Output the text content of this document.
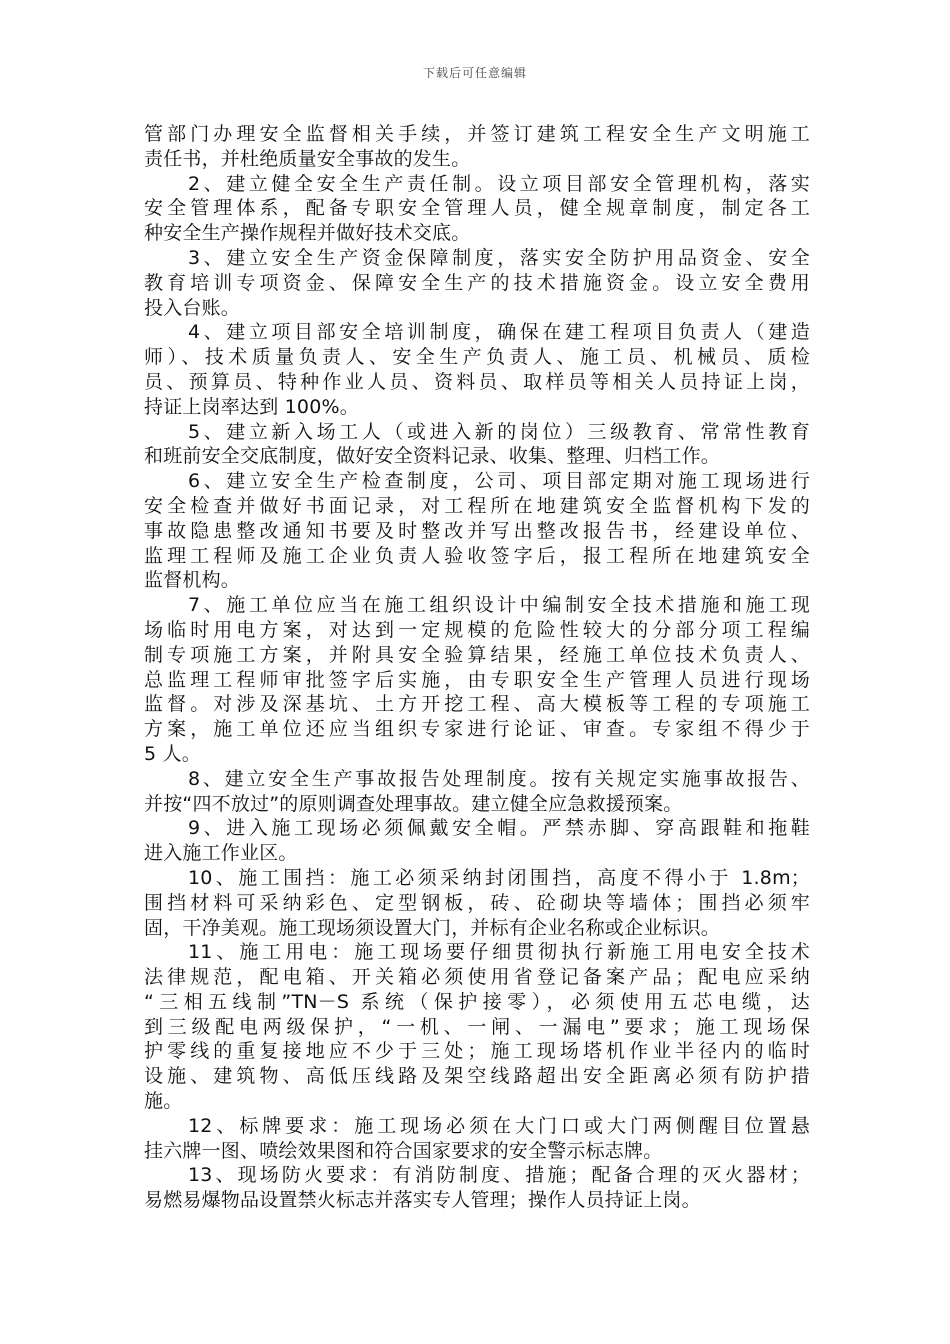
下载后可任意编辑
管部门办理安全监督相关手续，并签订建筑工程安全生产文明施工
责任书，并杜绝质量安全事故的发生。
2、建立健全安全生产责任制。设立项目部安全管理机构，落实
安全管理体系，配备专职安全管理人员，健全规章制度，制定各工
种安全生产操作规程并做好技术交底。
3、建立安全生产资金保障制度，落实安全防护用品资金、安全
教育培训专项资金、保障安全生产的技术措施资金。设立安全费用
投入台账。
4、建立项目部安全培训制度，确保在建工程项目负责人（建造
师）、技术质量负责人、安全生产负责人、施工员、机械员、质检
员、预算员、特种作业人员、资料员、取样员等相关人员持证上岗，
持证上岗率达到 100%。
5、建立新入场工人（或进入新的岗位）三级教育、常常性教育
和班前安全交底制度，做好安全资料记录、收集、整理、归档工作。
6、建立安全生产检查制度，公司、项目部定期对施工现场进行
安全检查并做好书面记录，对工程所在地建筑安全监督机构下发的
事故隐患整改通知书要及时整改并写出整改报告书，经建设单位、
监理工程师及施工企业负责人验收签字后，报工程所在地建筑安全
监督机构。
7、施工单位应当在施工组织设计中编制安全技术措施和施工现
场临时用电方案，对达到一定规模的危险性较大的分部分项工程编
制专项施工方案，并附具安全验算结果，经施工单位技术负责人、
总监理工程师审批签字后实施，由专职安全生产管理人员进行现场
监督。对涉及深基坑、土方开挖工程、高大模板等工程的专项施工
方案，施工单位还应当组织专家进行论证、审查。专家组不得少于
5 人。
8、建立安全生产事故报告处理制度。按有关规定实施事故报告、
并按“四不放过”的原则调查处理事故。建立健全应急救援预案。
9、进入施工现场必须佩戴安全帽。严禁赤脚、穿高跟鞋和拖鞋
进入施工作业区。
10、施工围挡：施工必须采纳封闭围挡，高度不得小于 1.8m；
围挡材料可采纳彩色、定型钢板，砖、砼砌块等墙体；围挡必须牢
固，干净美观。施工现场须设置大门，并标有企业名称或企业标识。
11、施工用电：施工现场要仔细贯彻执行新施工用电安全技术
法律规范，配电箱、开关箱必须使用省登记备案产品；配电应采纳
“三相五线制”TN－S 系统（保护接零），必须使用五芯电缆，达
到三级配电两级保护，“一机、一闸、一漏电”要求；施工现场保
护零线的重复接地应不少于三处；施工现场塔机作业半径内的临时
设施、建筑物、高低压线路及架空线路超出安全距离必须有防护措
施。
12、标牌要求：施工现场必须在大门口或大门两侧醒目位置悬
挂六牌一图、喷绘效果图和符合国家要求的安全警示标志牌。
13、现场防火要求：有消防制度、措施；配备合理的灭火器材；
易燃易爆物品设置禁火标志并落实专人管理；操作人员持证上岗。
